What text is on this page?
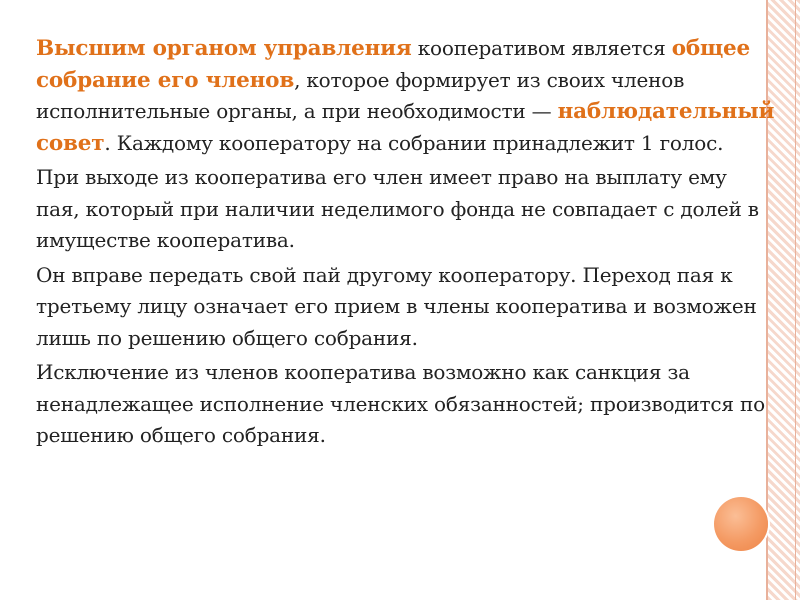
Высшим органом управления кооперативом является общее собрание его членов, которое формирует из своих членов исполнительные органы, а при необходимости — наблюдательный совет. Каждому кооператору на собрании принадлежит 1 голос.

При выходе из кооператива его член имеет право на выплату ему пая, который при наличии неделимого фонда не совпадает с долей в имуществе кооператива.

Он вправе передать свой пай другому кооператору. Переход пая к третьему лицу означает его прием в члены кооператива и возможен лишь по решению общего собрания.

Исключение из членов кооператива возможно как санкция за ненадлежащее исполнение членских обязанностей; производится по решению общего собрания.
